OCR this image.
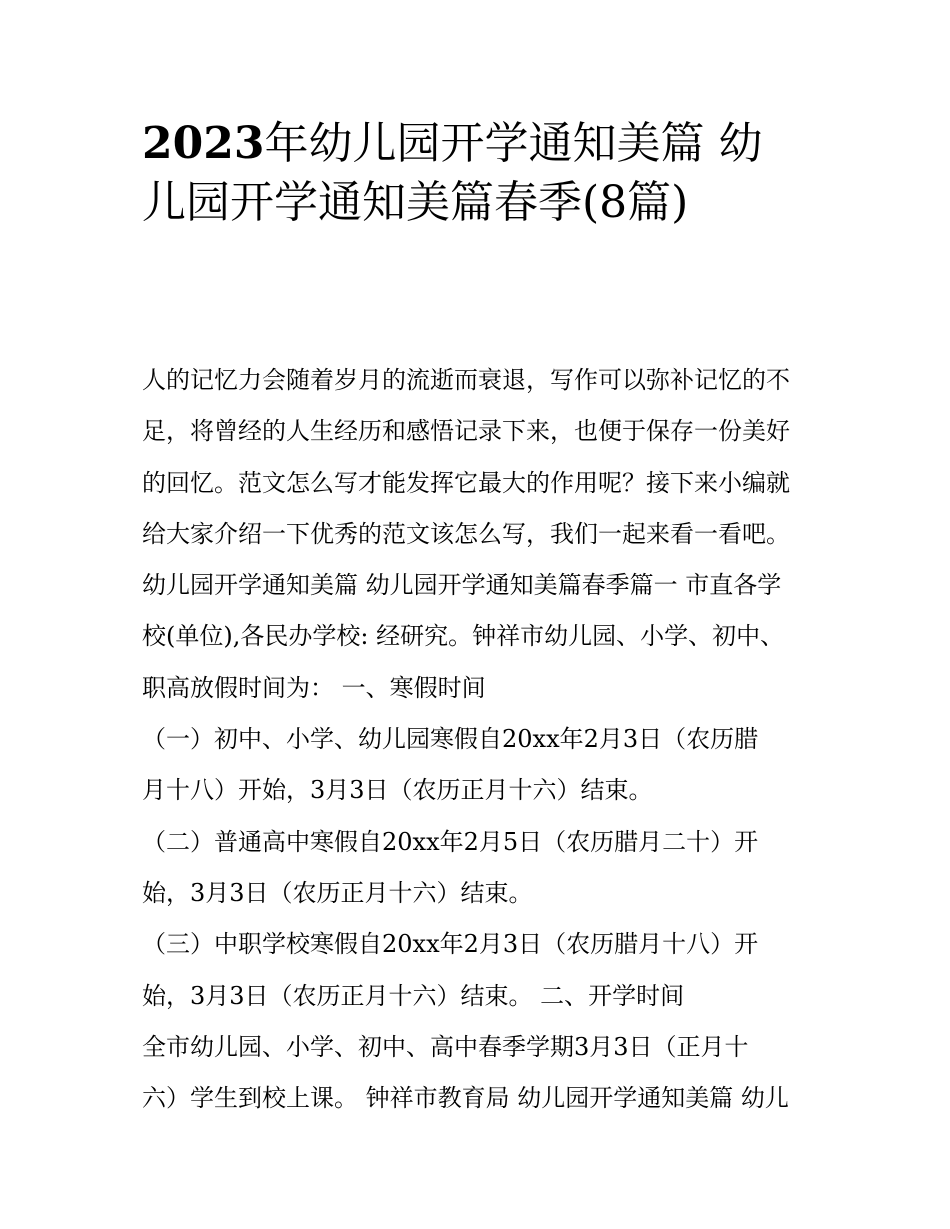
2023年幼儿园开学通知美篇 幼儿园开学通知美篇春季(8篇)
人的记忆力会随着岁月的流逝而衰退，写作可以弥补记忆的不
足，将曾经的人生经历和感悟记录下来，也便于保存一份美好
的回忆。范文怎么写才能发挥它最大的作用呢？接下来小编就
给大家介绍一下优秀的范文该怎么写，我们一起来看一看吧。
幼儿园开学通知美篇 幼儿园开学通知美篇春季篇一 市直各学
校(单位),各民办学校: 经研究。钟祥市幼儿园、小学、初中、
职高放假时间为： 一、寒假时间
（一）初中、小学、幼儿园寒假自20xx年2月3日（农历腊
月十八）开始，3月3日（农历正月十六）结束。
（二）普通高中寒假自20xx年2月5日（农历腊月二十）开
始，3月3日（农历正月十六）结束。
（三）中职学校寒假自20xx年2月3日（农历腊月十八）开
始，3月3日（农历正月十六）结束。 二、开学时间
全市幼儿园、小学、初中、高中春季学期3月3日（正月十
六）学生到校上课。 钟祥市教育局 幼儿园开学通知美篇 幼儿
